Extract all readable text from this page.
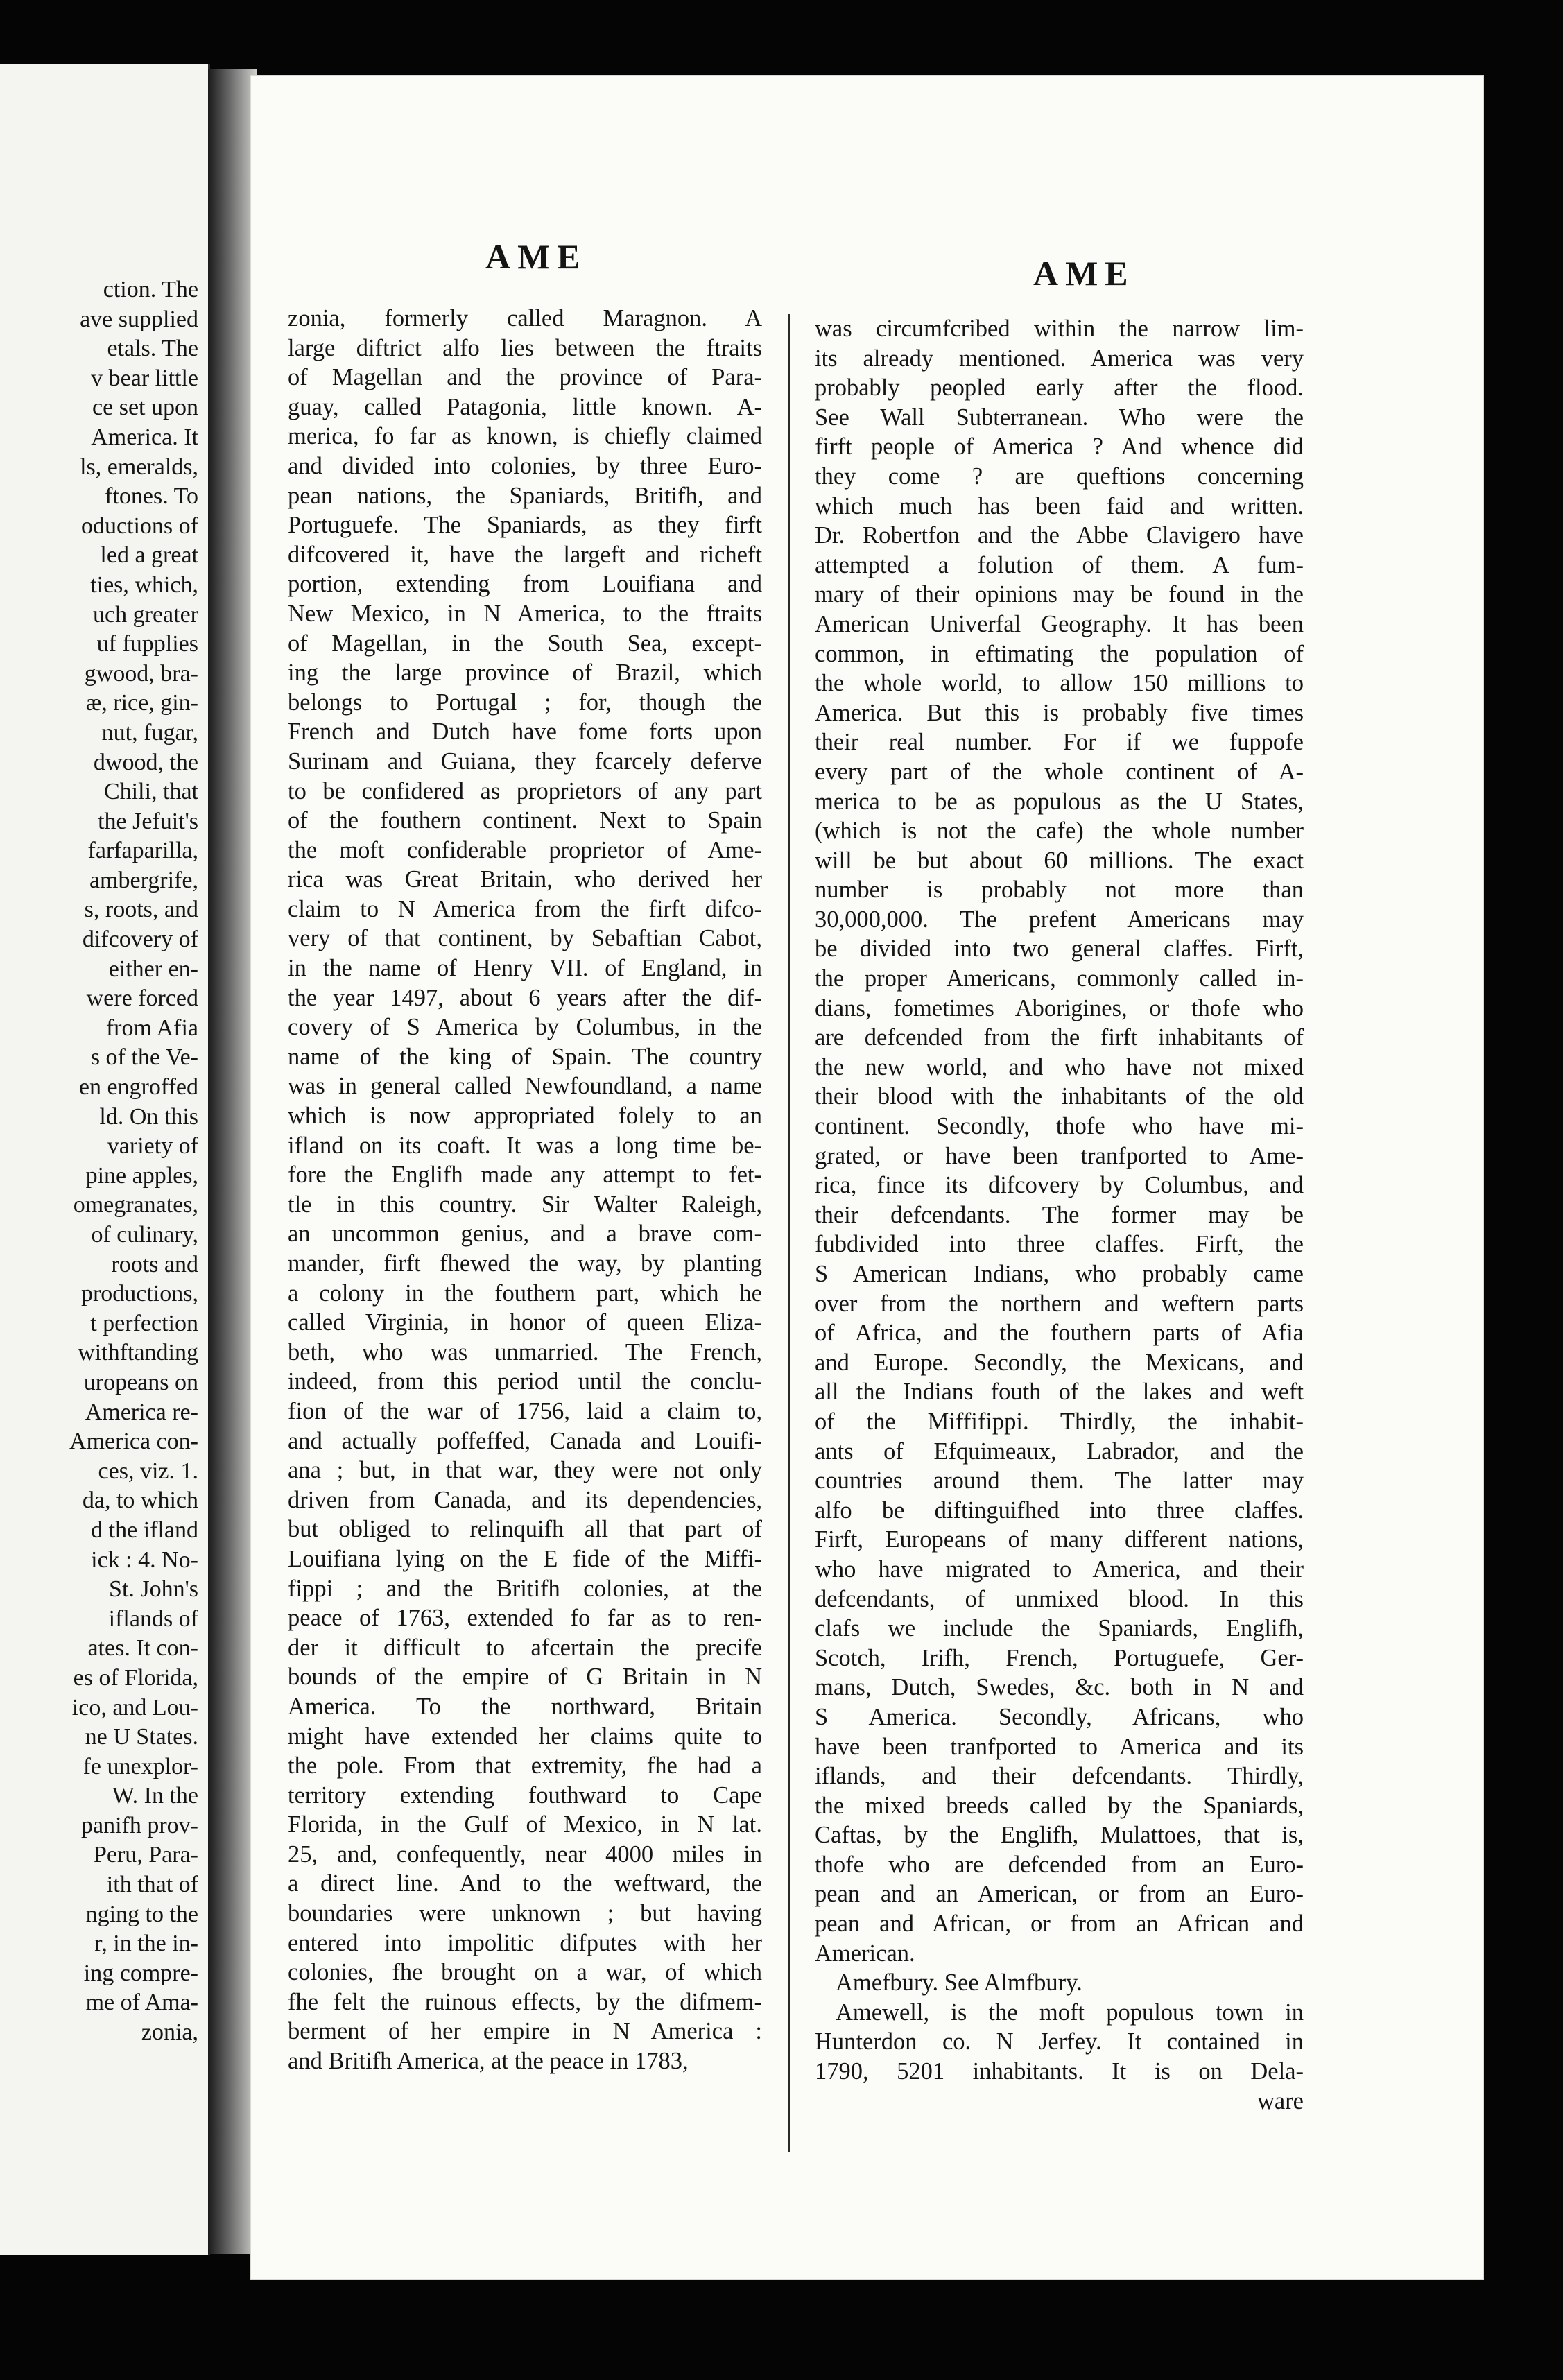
ction. The
ave supplied
etals. The
v bear little
ce set upon
America. It
ls, emeralds,
ftones. To
oductions of
led a great
ties, which,
uch greater
uf fupplies
gwood, bra-
æ, rice, gin-
nut, fugar,
dwood, the
Chili, that
the Jefuit's
farfaparilla,
ambergrife,
s, roots, and
difcovery of
either en-
were forced
from Afia
s of the Ve-
en engroffed
ld. On this
variety of
pine apples,
omegranates,
of culinary,
roots and
productions,
t perfection
withftanding
uropeans on
America re-
America con-
ces, viz. 1.
da, to which
d the ifland
ick : 4. No-
St. John's
iflands of
ates. It con-
es of Florida,
ico, and Lou-
ne U States.
fe unexplor-
W. In the
panifh prov-
Peru, Para-
ith that of
nging to the
r, in the in-
ing compre-
me of Ama-
zonia,
AME	AME
zonia, formerly called Maragnon. A
large diftrict alfo lies between the ftraits
of Magellan and the province of Para-
guay, called Patagonia, little known. A-
merica, fo far as known, is chiefly claimed
and divided into colonies, by three Euro-
pean nations, the Spaniards, Britifh, and
Portuguefe. The Spaniards, as they firft
difcovered it, have the largeft and richeft
portion, extending from Louifiana and
New Mexico, in N America, to the ftraits
of Magellan, in the South Sea, except-
ing the large province of Brazil, which
belongs to Portugal ; for, though the
French and Dutch have fome forts upon
Surinam and Guiana, they fcarcely deferve
to be confidered as proprietors of any part
of the fouthern continent. Next to Spain
the moft confiderable proprietor of Ame-
rica was Great Britain, who derived her
claim to N America from the firft difco-
very of that continent, by Sebaftian Cabot,
in the name of Henry VII. of England, in
the year 1497, about 6 years after the dif-
covery of S America by Columbus, in the
name of the king of Spain. The country
was in general called Newfoundland, a name
which is now appropriated folely to an
ifland on its coaft. It was a long time be-
fore the Englifh made any attempt to fet-
tle in this country. Sir Walter Raleigh,
an uncommon genius, and a brave com-
mander, firft fhewed the way, by planting
a colony in the fouthern part, which he
called Virginia, in honor of queen Eliza-
beth, who was unmarried. The French,
indeed, from this period until the conclu-
fion of the war of 1756, laid a claim to,
and actually poffeffed, Canada and Louifi-
ana ; but, in that war, they were not only
driven from Canada, and its dependencies,
but obliged to relinquifh all that part of
Louifiana lying on the E fide of the Miffi-
fippi ; and the Britifh colonies, at the
peace of 1763, extended fo far as to ren-
der it difficult to afcertain the precife
bounds of the empire of G Britain in N
America. To the northward, Britain
might have extended her claims quite to
the pole. From that extremity, fhe had a
territory extending fouthward to Cape
Florida, in the Gulf of Mexico, in N lat.
25, and, confequently, near 4000 miles in
a direct line. And to the weftward, the
boundaries were unknown ; but having
entered into impolitic difputes with her
colonies, fhe brought on a war, of which
fhe felt the ruinous effects, by the difmem-
berment of her empire in N America :
and Britifh America, at the peace in 1783,
was circumfcribed within the narrow lim-
its already mentioned. America was very
probably peopled early after the flood.
See Wall Subterranean. Who were the
firft people of America ? And whence did
they come ? are queftions concerning
which much has been faid and written.
Dr. Robertfon and the Abbe Clavigero have
attempted a folution of them. A fum-
mary of their opinions may be found in the
American Univerfal Geography. It has been
common, in eftimating the population of
the whole world, to allow 150 millions to
America. But this is probably five times
their real number. For if we fuppofe
every part of the whole continent of A-
merica to be as populous as the U States,
(which is not the cafe) the whole number
will be but about 60 millions. The exact
number is probably not more than
30,000,000. The prefent Americans may
be divided into two general claffes. Firft,
the proper Americans, commonly called in-
dians, fometimes Aborigines, or thofe who
are defcended from the firft inhabitants of
the new world, and who have not mixed
their blood with the inhabitants of the old
continent. Secondly, thofe who have mi-
grated, or have been tranfported to Ame-
rica, fince its difcovery by Columbus, and
their defcendants. The former may be
fubdivided into three claffes. Firft, the
S American Indians, who probably came
over from the northern and weftern parts
of Africa, and the fouthern parts of Afia
and Europe. Secondly, the Mexicans, and
all the Indians fouth of the lakes and weft
of the Miffifippi. Thirdly, the inhabit-
ants of Efquimeaux, Labrador, and the
countries around them. The latter may
alfo be diftinguifhed into three claffes.
Firft, Europeans of many different nations,
who have migrated to America, and their
defcendants, of unmixed blood. In this
clafs we include the Spaniards, Englifh,
Scotch, Irifh, French, Portuguefe, Ger-
mans, Dutch, Swedes, &c. both in N and
S America. Secondly, Africans, who
have been tranfported to America and its
iflands, and their defcendants. Thirdly,
the mixed breeds called by the Spaniards,
Caftas, by the Englifh, Mulattoes, that is,
thofe who are defcended from an Euro-
pean and an American, or from an Euro-
pean and African, or from an African and
American.
Amefbury. See Almfbury.
Amewell, is the moft populous town in
Hunterdon co. N Jerfey. It contained in
1790, 5201 inhabitants. It is on Dela-
ware
